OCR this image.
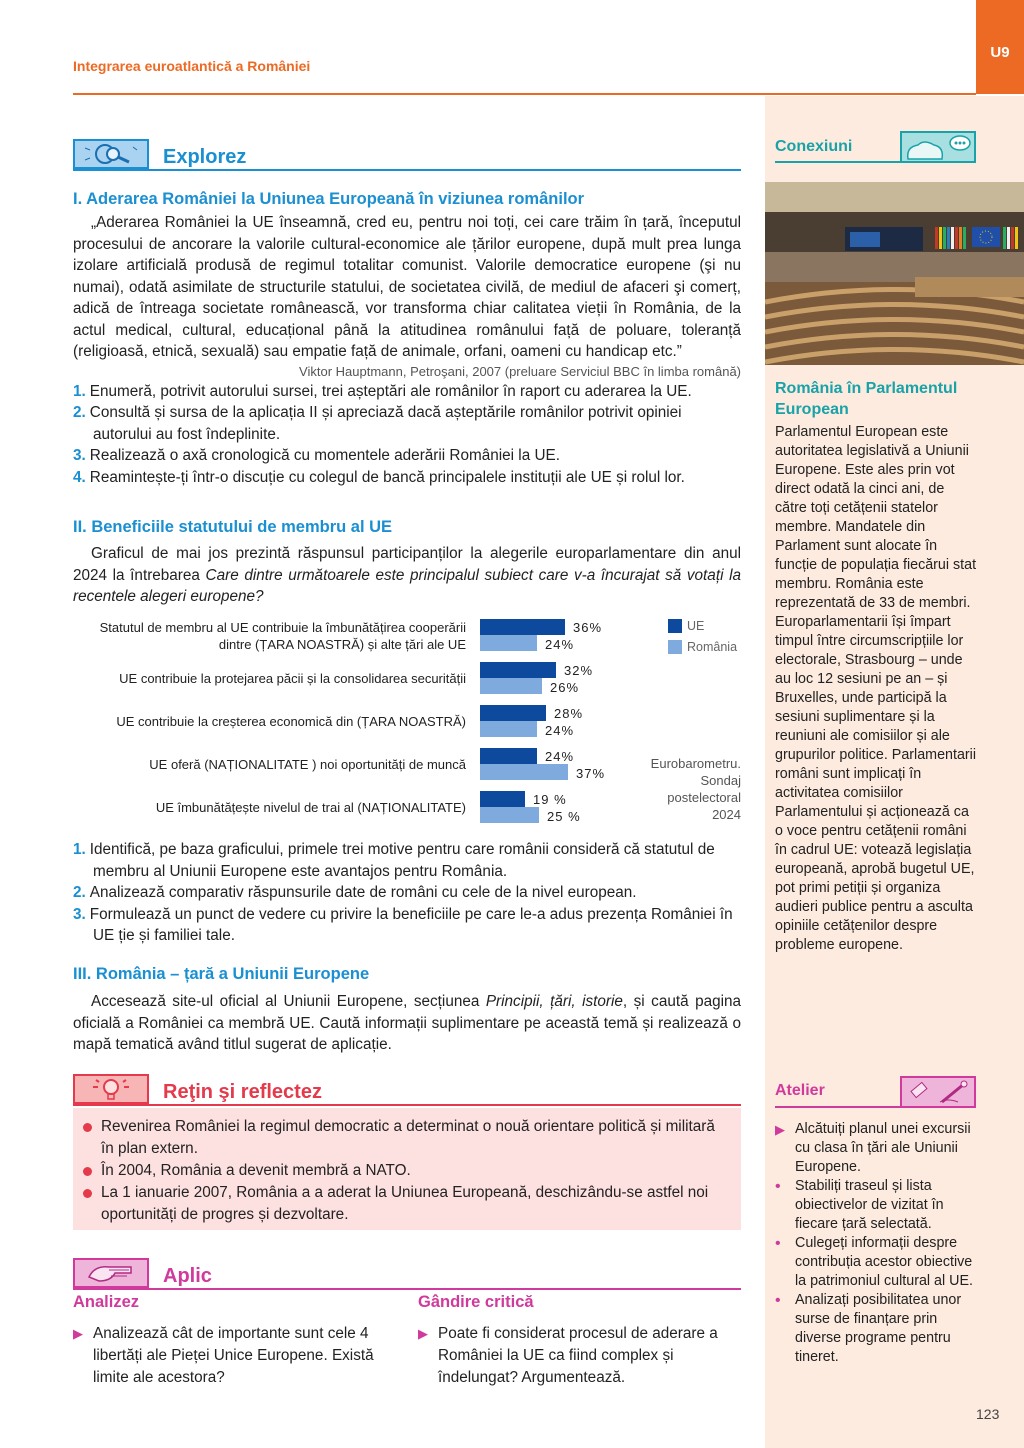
U9
Integrarea euroatlantică a României
Explorez
I. Aderarea României la Uniunea Europeană în viziunea românilor

„Aderarea României la UE înseamnă, cred eu, pentru noi toți, cei care trăim în țară, începutul procesului de ancorare la valorile cultural-economice ale țărilor europene, după mult prea lunga izolare artificială produsă de regimul totalitar comunist. Valorile democratice europene (şi nu numai), odată asimilate de structurile statului, de societatea civilă, de mediul de afaceri şi comerț, adică de întreaga societate românească, vor transforma chiar calitatea vieții în România, de la actul medical, cultural, educațional până la atitudinea românului față de poluare, toleranță (religioasă, etnică, sexuală) sau empatie față de animale, orfani, oameni cu handicap etc.”

Viktor Hauptmann, Petroşani, 2007 (preluare Serviciul BBC în limba română)
1. Enumeră, potrivit autorului sursei, trei așteptări ale românilor în raport cu aderarea la UE.
2. Consultă și sursa de la aplicația II și apreciază dacă așteptările românilor potrivit opiniei autorului au fost îndeplinite.
3. Realizează o axă cronologică cu momentele aderării României la UE.
4. Reamintește-ți într-o discuție cu colegul de bancă principalele instituții ale UE și rolul lor.
II. Beneficiile statutului de membru al UE

Graficul de mai jos prezintă răspunsul participanților la alegerile europarlamentare din anul 2024 la întrebarea Care dintre următoarele este principalul subiect care v-a încurajat să votați la recentele alegeri europene?

Statutul de membru al UE contribuie la îmbunătățirea cooperării dintre (ȚARA NOASTRĂ) și alte țări ale UE
36%
24%
UE contribuie la protejarea păcii și la consolidarea securității
32%
26%
UE contribuie la creșterea economică din (ȚARA NOASTRĂ)
28%
24%
UE oferă (NAȚIONALITATE ) noi oportunități de muncă
24%
37%
UE îmbunătățește nivelul de trai al (NAȚIONALITATE)
19 %
25 %
UE
România
Eurobarometru.
Sondaj
postelectoral
2024
1. Identifică, pe baza graficului, primele trei motive pentru care românii consideră că statutul de membru al Uniunii Europene este avantajos pentru România.
2. Analizează comparativ răspunsurile date de români cu cele de la nivel european.
3. Formulează un punct de vedere cu privire la beneficiile pe care le-a adus prezența României în UE ție și familiei tale.
III. România – țară a Uniunii Europene

Accesează site-ul oficial al Uniunii Europene, secțiunea Principii, țări, istorie, și caută pagina oficială a României ca membră UE. Caută informații suplimentare pe această temă și realizează o mapă tematică având titlul sugerat de aplicație.

Reţin şi reflectez
Revenirea României la regimul democratic a determinat o nouă orientare politică și militară în plan extern.
În 2004, România a devenit membră a NATO.
La 1 ianuarie 2007, România a a aderat la Uniunea Europeană, deschizându-se astfel noi oportunități de progres și dezvoltare.
Aplic
Analizez
▶ Analizează cât de importante sunt cele 4 libertăți ale Pieței Unice Europene. Există limite ale acestora?
Gândire critică
▶ Poate fi considerat procesul de aderare a României la UE ca fiind complex și îndelungat? Argumentează.
Conexiuni
România în Parlamentul European

Parlamentul European este autoritatea legislativă a Uniunii Europene. Este ales prin vot direct odată la cinci ani, de către toți cetățenii statelor membre. Mandatele din Parlament sunt alocate în funcție de populația fiecărui stat membru. România este reprezentată de 33 de membri. Europarlamentarii își împart timpul între circumscripțiile lor electorale, Strasbourg – unde au loc 12 sesiuni pe an – și Bruxelles, unde participă la sesiuni suplimentare și la reuniuni ale comisiilor și ale grupurilor politice. Parlamentarii români sunt implicați în activitatea comisiilor Parlamentului și acționează ca o voce pentru cetățenii români în cadrul UE: votează legislația europeană, aprobă bugetul UE, pot primi petiții și organiza audieri publice pentru a asculta opiniile cetățenilor despre probleme europene.

Atelier
▶ Alcătuiți planul unei excursii cu clasa în țări ale Uniunii Europene.
• Stabiliți traseul și lista obiectivelor de vizitat în fiecare țară selectată.
• Culegeți informații despre contribuția acestor obiective la patrimoniul cultural al UE.
• Analizați posibilitatea unor surse de finanțare prin diverse programe pentru tineret.
123
